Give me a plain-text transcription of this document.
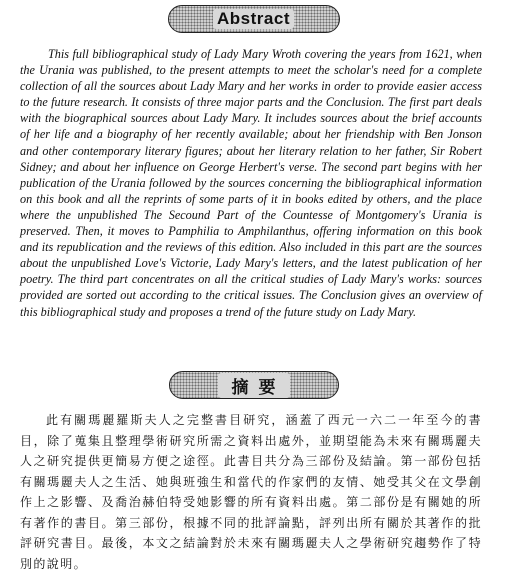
Abstract

This full bibliographical study of Lady Mary Wroth covering the years from 1621, when the Urania was published, to the present attempts to meet the scholar's need for a complete collection of all the sources about Lady Mary and her works in order to provide easier access to the future research. It consists of three major parts and the Conclusion. The first part deals with the biographical sources about Lady Mary. It includes sources about the brief accounts of her life and a biography of her recently available; about her friendship with Ben Jonson and other contemporary literary figures; about her literary relation to her father, Sir Robert Sidney; and about her influence on George Herbert's verse. The second part begins with her publication of the Urania followed by the sources concerning the bibliographical information on this book and all the reprints of some parts of it in books edited by others, and the place where the unpublished The Secound Part of the Countesse of Montgomery's Urania is preserved. Then, it moves to Pamphilia to Amphilanthus, offering information on this book and its republication and the reviews of this edition. Also included in this part are the sources about the unpublished Love's Victorie, Lady Mary's letters, and the latest publication of her poetry. The third part concentrates on all the critical studies of Lady Mary's works: sources provided are sorted out according to the critical issues. The Conclusion gives an overview of this bibliographical study and proposes a trend of the future study on Lady Mary.

摘要

此有關瑪麗羅斯夫人之完整書目研究，涵蓋了西元一六二一年至今的書目，除了蒐集且整理學術研究所需之資料出處外，並期望能為未來有關瑪麗夫人之研究提供更簡易方便之途徑。此書目共分為三部份及結論。第一部份包括有關瑪麗夫人之生活、她與班強生和當代的作家們的友情、她受其父在文學創作上之影響、及喬治赫伯特受她影響的所有資料出處。第二部份是有關她的所有著作的書目。第三部份，根據不同的批評論點，評列出所有關於其著作的批評研究書目。最後，本文之結論對於未來有關瑪麗夫人之學術研究趨勢作了特別的說明。
